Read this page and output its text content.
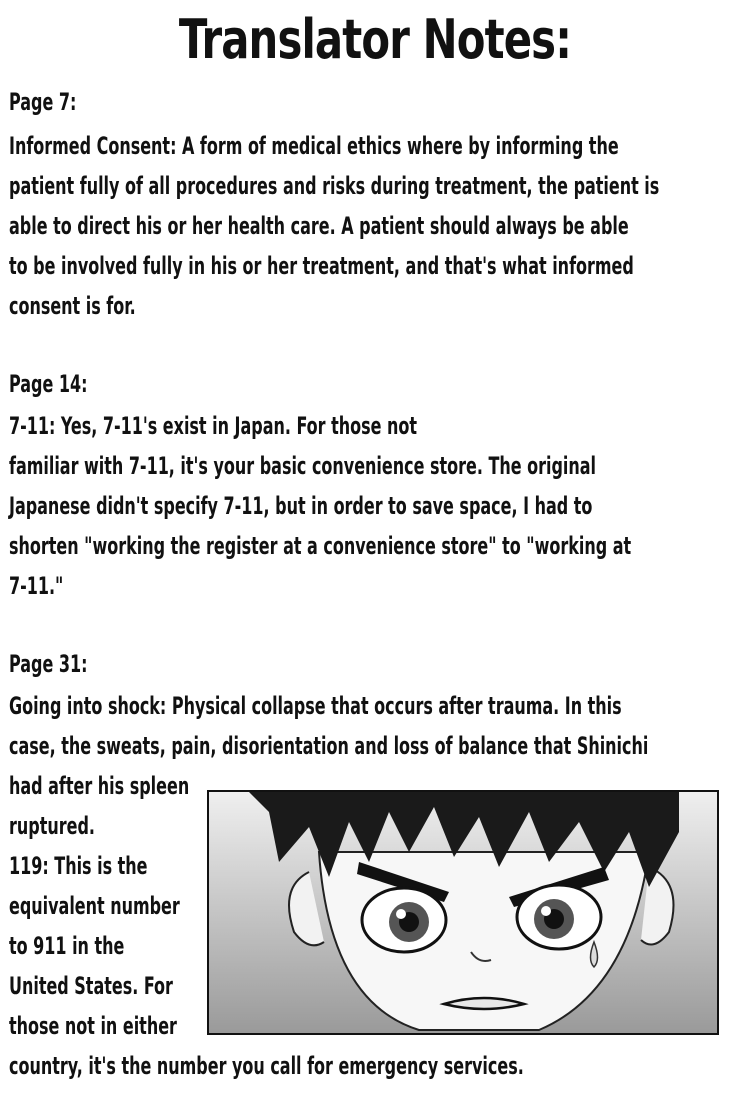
Translator Notes:
Page 7:
Informed Consent: A form of medical ethics where by informing the
patient fully of all procedures and risks during treatment, the patient is
able to direct his or her health care. A patient should always be able
to be involved fully in his or her treatment, and that's what informed
consent is for.
Page 14:
7-11: Yes, 7-11's exist in Japan. For those not
familiar with 7-11, it's your basic convenience store. The original
Japanese didn't specify 7-11, but in order to save space, I had to
shorten "working the register at a convenience store" to "working at
7-11."
Page 31:
Going into shock: Physical collapse that occurs after trauma. In this
case, the sweats, pain, disorientation and loss of balance that Shinichi
had after his spleen
ruptured.
119: This is the
equivalent number
to 911 in the
United States. For
those not in either
country, it's the number you call for emergency services.
